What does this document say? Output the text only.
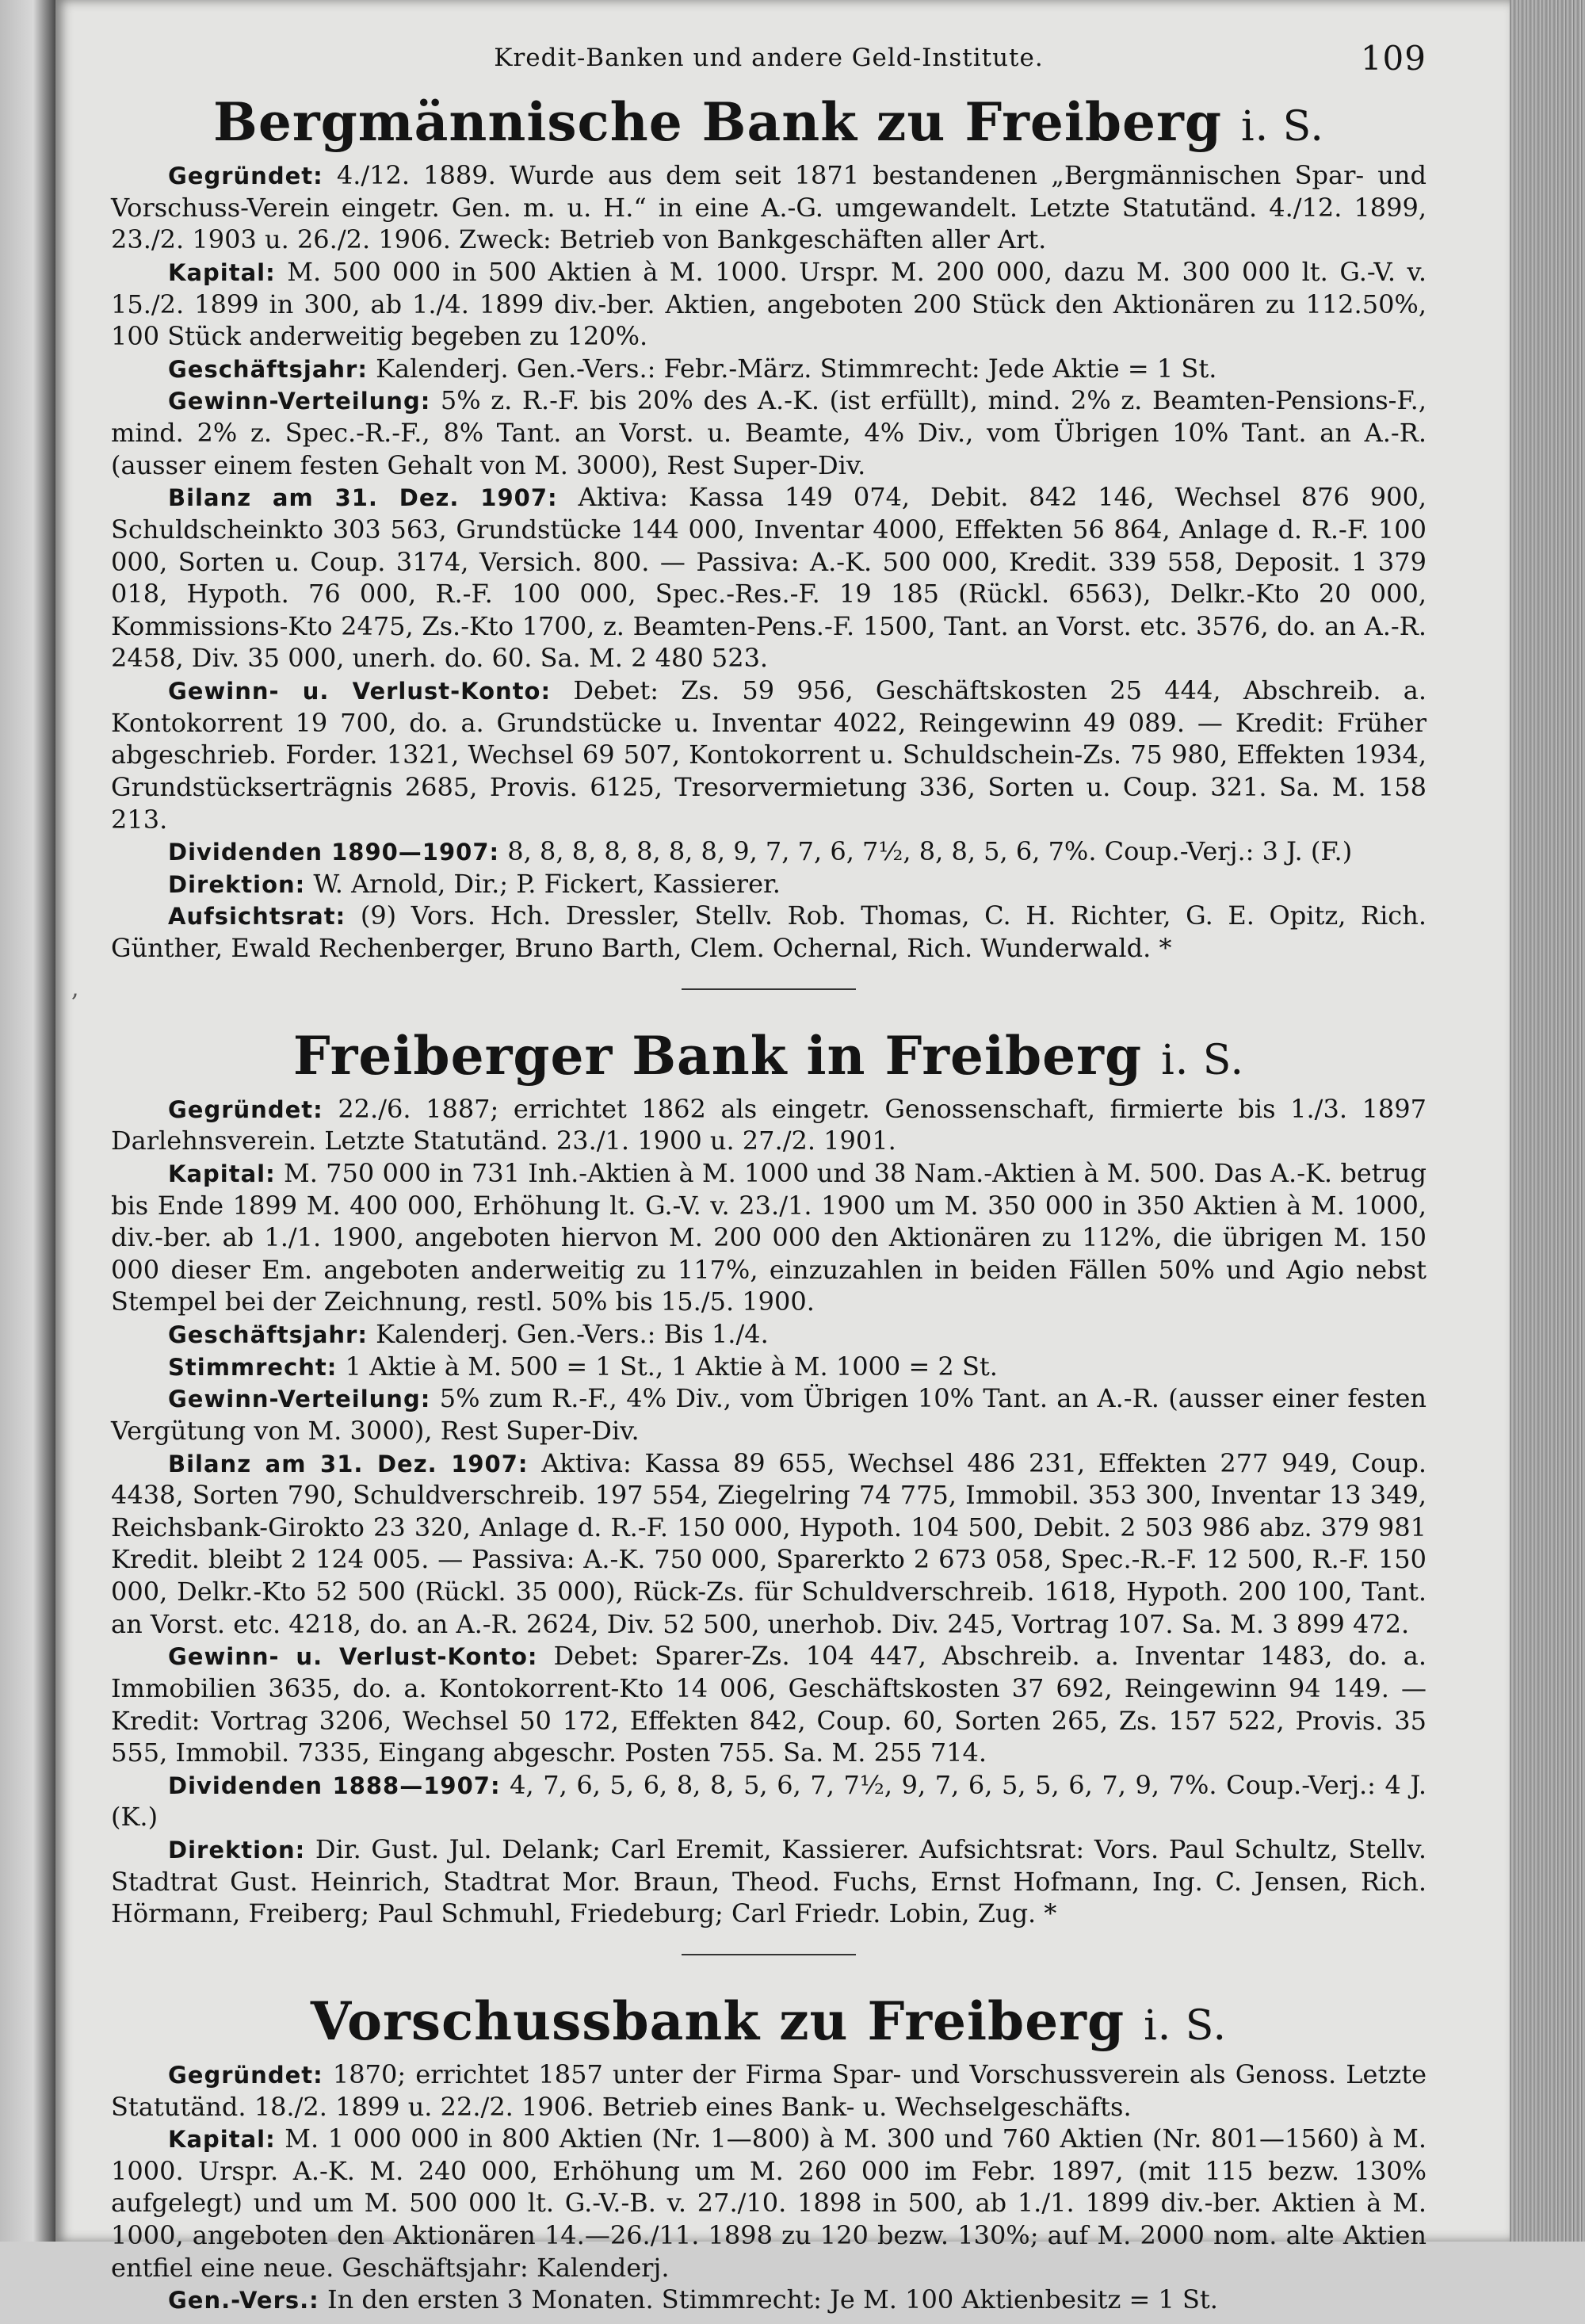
,
Kredit-Banken und andere Geld-Institute.	109
Bergmännische Bank zu Freiberg i. S.

Gegründet: 4./12. 1889. Wurde aus dem seit 1871 bestandenen „Bergmännischen Spar- und Vorschuss-Verein eingetr. Gen. m. u. H.“ in eine A.-G. umgewandelt. Letzte Statutänd. 4./12. 1899, 23./2. 1903 u. 26./2. 1906. Zweck: Betrieb von Bankgeschäften aller Art.

Kapital: M. 500 000 in 500 Aktien à M. 1000. Urspr. M. 200 000, dazu M. 300 000 lt. G.-V. v. 15./2. 1899 in 300, ab 1./4. 1899 div.-ber. Aktien, angeboten 200 Stück den Aktionären zu 112.50%, 100 Stück anderweitig begeben zu 120%.

Geschäftsjahr: Kalenderj. Gen.-Vers.: Febr.-März. Stimmrecht: Jede Aktie = 1 St.

Gewinn-Verteilung: 5% z. R.-F. bis 20% des A.-K. (ist erfüllt), mind. 2% z. Beamten-Pensions-F., mind. 2% z. Spec.-R.-F., 8% Tant. an Vorst. u. Beamte, 4% Div., vom Übrigen 10% Tant. an A.-R. (ausser einem festen Gehalt von M. 3000), Rest Super-Div.

Bilanz am 31. Dez. 1907: Aktiva: Kassa 149 074, Debit. 842 146, Wechsel 876 900, Schuldscheinkto 303 563, Grundstücke 144 000, Inventar 4000, Effekten 56 864, Anlage d. R.-F. 100 000, Sorten u. Coup. 3174, Versich. 800. — Passiva: A.-K. 500 000, Kredit. 339 558, Deposit. 1 379 018, Hypoth. 76 000, R.-F. 100 000, Spec.-Res.-F. 19 185 (Rückl. 6563), Delkr.-Kto 20 000, Kommissions-Kto 2475, Zs.-Kto 1700, z. Beamten-Pens.-F. 1500, Tant. an Vorst. etc. 3576, do. an A.-R. 2458, Div. 35 000, unerh. do. 60. Sa. M. 2 480 523.

Gewinn- u. Verlust-Konto: Debet: Zs. 59 956, Geschäftskosten 25 444, Abschreib. a. Kontokorrent 19 700, do. a. Grundstücke u. Inventar 4022, Reingewinn 49 089. — Kredit: Früher abgeschrieb. Forder. 1321, Wechsel 69 507, Kontokorrent u. Schuldschein-Zs. 75 980, Effekten 1934, Grundstückserträgnis 2685, Provis. 6125, Tresorvermietung 336, Sorten u. Coup. 321. Sa. M. 158 213.

Dividenden 1890—1907: 8, 8, 8, 8, 8, 8, 8, 9, 7, 7, 6, 7½, 8, 8, 5, 6, 7%. Coup.-Verj.: 3 J. (F.)

Direktion: W. Arnold, Dir.; P. Fickert, Kassierer.

Aufsichtsrat: (9) Vors. Hch. Dressler, Stellv. Rob. Thomas, C. H. Richter, G. E. Opitz, Rich. Günther, Ewald Rechenberger, Bruno Barth, Clem. Ochernal, Rich. Wunderwald. *

Freiberger Bank in Freiberg i. S.

Gegründet: 22./6. 1887; errichtet 1862 als eingetr. Genossenschaft, firmierte bis 1./3. 1897 Darlehnsverein. Letzte Statutänd. 23./1. 1900 u. 27./2. 1901.

Kapital: M. 750 000 in 731 Inh.-Aktien à M. 1000 und 38 Nam.-Aktien à M. 500. Das A.-K. betrug bis Ende 1899 M. 400 000, Erhöhung lt. G.-V. v. 23./1. 1900 um M. 350 000 in 350 Aktien à M. 1000, div.-ber. ab 1./1. 1900, angeboten hiervon M. 200 000 den Aktionären zu 112%, die übrigen M. 150 000 dieser Em. angeboten anderweitig zu 117%, einzuzahlen in beiden Fällen 50% und Agio nebst Stempel bei der Zeichnung, restl. 50% bis 15./5. 1900.

Geschäftsjahr: Kalenderj. Gen.-Vers.: Bis 1./4.

Stimmrecht: 1 Aktie à M. 500 = 1 St., 1 Aktie à M. 1000 = 2 St.

Gewinn-Verteilung: 5% zum R.-F., 4% Div., vom Übrigen 10% Tant. an A.-R. (ausser einer festen Vergütung von M. 3000), Rest Super-Div.

Bilanz am 31. Dez. 1907: Aktiva: Kassa 89 655, Wechsel 486 231, Effekten 277 949, Coup. 4438, Sorten 790, Schuldverschreib. 197 554, Ziegelring 74 775, Immobil. 353 300, Inventar 13 349, Reichsbank-Girokto 23 320, Anlage d. R.-F. 150 000, Hypoth. 104 500, Debit. 2 503 986 abz. 379 981 Kredit. bleibt 2 124 005. — Passiva: A.-K. 750 000, Sparerkto 2 673 058, Spec.-R.-F. 12 500, R.-F. 150 000, Delkr.-Kto 52 500 (Rückl. 35 000), Rück-Zs. für Schuldverschreib. 1618, Hypoth. 200 100, Tant. an Vorst. etc. 4218, do. an A.-R. 2624, Div. 52 500, unerhob. Div. 245, Vortrag 107. Sa. M. 3 899 472.

Gewinn- u. Verlust-Konto: Debet: Sparer-Zs. 104 447, Abschreib. a. Inventar 1483, do. a. Immobilien 3635, do. a. Kontokorrent-Kto 14 006, Geschäftskosten 37 692, Reingewinn 94 149. — Kredit: Vortrag 3206, Wechsel 50 172, Effekten 842, Coup. 60, Sorten 265, Zs. 157 522, Provis. 35 555, Immobil. 7335, Eingang abgeschr. Posten 755. Sa. M. 255 714.

Dividenden 1888—1907: 4, 7, 6, 5, 6, 8, 8, 5, 6, 7, 7½, 9, 7, 6, 5, 5, 6, 7, 9, 7%. Coup.-Verj.: 4 J. (K.)

Direktion: Dir. Gust. Jul. Delank; Carl Eremit, Kassierer. Aufsichtsrat: Vors. Paul Schultz, Stellv. Stadtrat Gust. Heinrich, Stadtrat Mor. Braun, Theod. Fuchs, Ernst Hofmann, Ing. C. Jensen, Rich. Hörmann, Freiberg; Paul Schmuhl, Friedeburg; Carl Friedr. Lobin, Zug. *

Vorschussbank zu Freiberg i. S.

Gegründet: 1870; errichtet 1857 unter der Firma Spar- und Vorschussverein als Genoss. Letzte Statutänd. 18./2. 1899 u. 22./2. 1906. Betrieb eines Bank- u. Wechselgeschäfts.

Kapital: M. 1 000 000 in 800 Aktien (Nr. 1—800) à M. 300 und 760 Aktien (Nr. 801—1560) à M. 1000. Urspr. A.-K. M. 240 000, Erhöhung um M. 260 000 im Febr. 1897, (mit 115 bezw. 130% aufgelegt) und um M. 500 000 lt. G.-V.-B. v. 27./10. 1898 in 500, ab 1./1. 1899 div.-ber. Aktien à M. 1000, angeboten den Aktionären 14.—26./11. 1898 zu 120 bezw. 130%; auf M. 2000 nom. alte Aktien entfiel eine neue. Geschäftsjahr: Kalenderj.

Gen.-Vers.: In den ersten 3 Monaten. Stimmrecht: Je M. 100 Aktienbesitz = 1 St.
